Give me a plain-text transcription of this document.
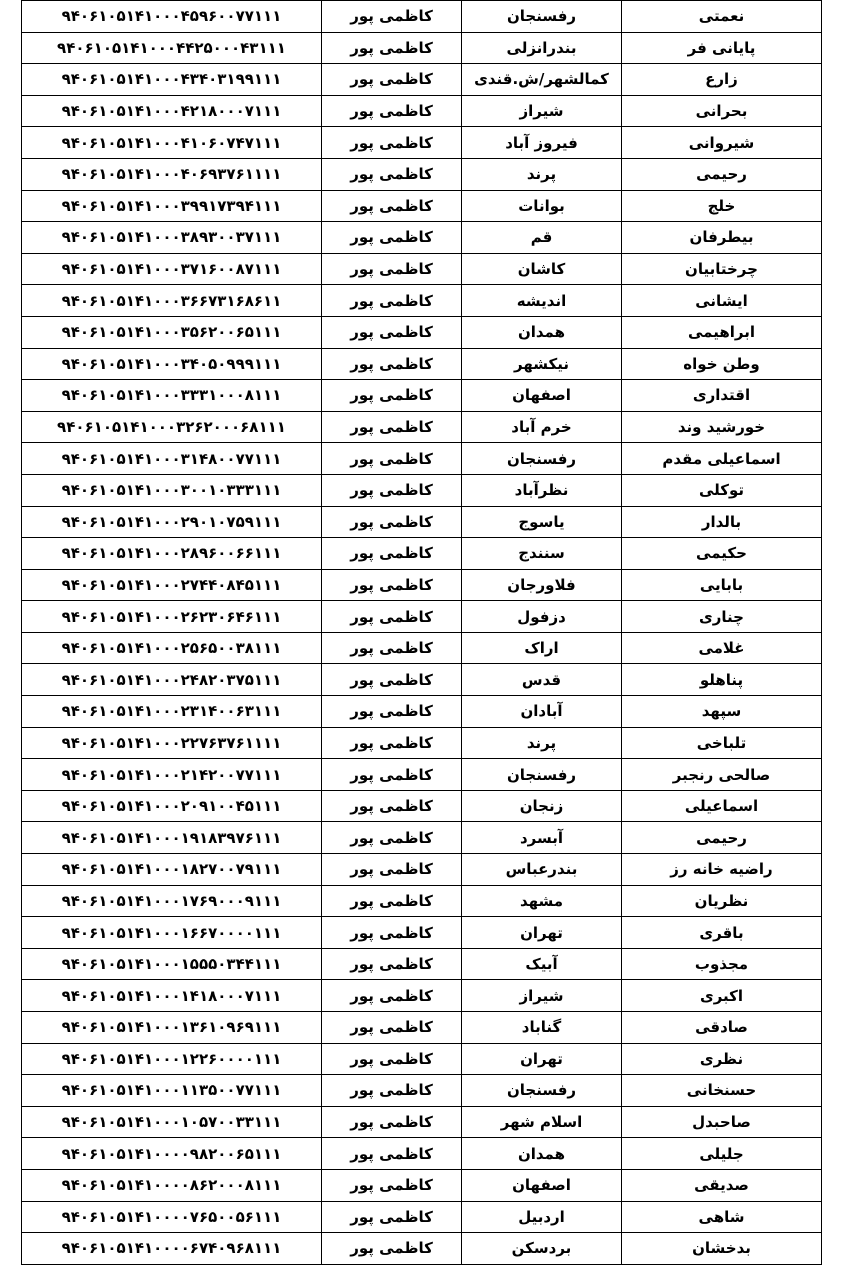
نعمتی	رفسنجان	کاظمی پور	۹۴۰۶۱۰۵۱۴۱۰۰۰۴۵۹۶۰۰۷۷۱۱۱
پایانی فر	بندرانزلی	کاظمی پور	۹۴۰۶۱۰۵۱۴۱۰۰۰۴۴۲۵۰۰۰۴۳۱۱۱
زارع	کمالشهر/ش.قندی	کاظمی پور	۹۴۰۶۱۰۵۱۴۱۰۰۰۴۳۴۰۳۱۹۹۱۱۱
بحرانی	شیراز	کاظمی پور	۹۴۰۶۱۰۵۱۴۱۰۰۰۴۲۱۸۰۰۰۷۱۱۱
شیروانی	فیروز آباد	کاظمی پور	۹۴۰۶۱۰۵۱۴۱۰۰۰۴۱۰۶۰۷۴۷۱۱۱
رحیمی	پرند	کاظمی پور	۹۴۰۶۱۰۵۱۴۱۰۰۰۴۰۶۹۳۷۶۱۱۱۱
خلج	بوانات	کاظمی پور	۹۴۰۶۱۰۵۱۴۱۰۰۰۳۹۹۱۷۳۹۴۱۱۱
بیطرفان	قم	کاظمی پور	۹۴۰۶۱۰۵۱۴۱۰۰۰۳۸۹۳۰۰۳۷۱۱۱
چرختابیان	کاشان	کاظمی پور	۹۴۰۶۱۰۵۱۴۱۰۰۰۳۷۱۶۰۰۸۷۱۱۱
ایشانی	اندیشه	کاظمی پور	۹۴۰۶۱۰۵۱۴۱۰۰۰۳۶۶۷۳۱۶۸۶۱۱
ابراهیمی	همدان	کاظمی پور	۹۴۰۶۱۰۵۱۴۱۰۰۰۳۵۶۲۰۰۶۵۱۱۱
وطن خواه	نیکشهر	کاظمی پور	۹۴۰۶۱۰۵۱۴۱۰۰۰۳۴۰۵۰۹۹۹۱۱۱
اقتداری	اصفهان	کاظمی پور	۹۴۰۶۱۰۵۱۴۱۰۰۰۳۳۳۱۰۰۰۸۱۱۱
خورشید وند	خرم آباد	کاظمی پور	۹۴۰۶۱۰۵۱۴۱۰۰۰۳۲۶۲۰۰۰۶۸۱۱۱
اسماعیلی مقدم	رفسنجان	کاظمی پور	۹۴۰۶۱۰۵۱۴۱۰۰۰۳۱۴۸۰۰۷۷۱۱۱
توکلی	نظرآباد	کاظمی پور	۹۴۰۶۱۰۵۱۴۱۰۰۰۳۰۰۱۰۳۳۳۱۱۱
بالدار	یاسوج	کاظمی پور	۹۴۰۶۱۰۵۱۴۱۰۰۰۲۹۰۱۰۷۵۹۱۱۱
حکیمی	سنندج	کاظمی پور	۹۴۰۶۱۰۵۱۴۱۰۰۰۲۸۹۶۰۰۶۶۱۱۱
بابایی	فلاورجان	کاظمی پور	۹۴۰۶۱۰۵۱۴۱۰۰۰۲۷۴۴۰۸۴۵۱۱۱
چناری	دزفول	کاظمی پور	۹۴۰۶۱۰۵۱۴۱۰۰۰۲۶۲۳۰۶۴۶۱۱۱
غلامی	اراک	کاظمی پور	۹۴۰۶۱۰۵۱۴۱۰۰۰۲۵۶۵۰۰۳۸۱۱۱
پناهلو	قدس	کاظمی پور	۹۴۰۶۱۰۵۱۴۱۰۰۰۲۴۸۲۰۳۷۵۱۱۱
سپهد	آبادان	کاظمی پور	۹۴۰۶۱۰۵۱۴۱۰۰۰۲۳۱۴۰۰۶۳۱۱۱
تلباخی	پرند	کاظمی پور	۹۴۰۶۱۰۵۱۴۱۰۰۰۲۲۷۶۳۷۶۱۱۱۱
صالحی رنجبر	رفسنجان	کاظمی پور	۹۴۰۶۱۰۵۱۴۱۰۰۰۲۱۴۲۰۰۷۷۱۱۱
اسماعیلی	زنجان	کاظمی پور	۹۴۰۶۱۰۵۱۴۱۰۰۰۲۰۹۱۰۰۴۵۱۱۱
رحیمی	آبسرد	کاظمی پور	۹۴۰۶۱۰۵۱۴۱۰۰۰۱۹۱۸۳۹۷۶۱۱۱
راضیه خانه رز	بندرعباس	کاظمی پور	۹۴۰۶۱۰۵۱۴۱۰۰۰۱۸۲۷۰۰۷۹۱۱۱
نظریان	مشهد	کاظمی پور	۹۴۰۶۱۰۵۱۴۱۰۰۰۱۷۶۹۰۰۰۹۱۱۱
باقری	تهران	کاظمی پور	۹۴۰۶۱۰۵۱۴۱۰۰۰۱۶۶۷۰۰۰۰۱۱۱
مجذوب	آبیک	کاظمی پور	۹۴۰۶۱۰۵۱۴۱۰۰۰۱۵۵۵۰۳۴۴۱۱۱
اکبری	شیراز	کاظمی پور	۹۴۰۶۱۰۵۱۴۱۰۰۰۱۴۱۸۰۰۰۷۱۱۱
صادقی	گناباد	کاظمی پور	۹۴۰۶۱۰۵۱۴۱۰۰۰۱۳۶۱۰۹۶۹۱۱۱
نظری	تهران	کاظمی پور	۹۴۰۶۱۰۵۱۴۱۰۰۰۱۲۲۶۰۰۰۰۱۱۱
حسنخانی	رفسنجان	کاظمی پور	۹۴۰۶۱۰۵۱۴۱۰۰۰۱۱۳۵۰۰۷۷۱۱۱
صاحبدل	اسلام شهر	کاظمی پور	۹۴۰۶۱۰۵۱۴۱۰۰۰۱۰۵۷۰۰۳۳۱۱۱
جلیلی	همدان	کاظمی پور	۹۴۰۶۱۰۵۱۴۱۰۰۰۰۹۸۲۰۰۶۵۱۱۱
صدیقی	اصفهان	کاظمی پور	۹۴۰۶۱۰۵۱۴۱۰۰۰۰۸۶۲۰۰۰۸۱۱۱
شاهی	اردبیل	کاظمی پور	۹۴۰۶۱۰۵۱۴۱۰۰۰۰۷۶۵۰۰۵۶۱۱۱
بدخشان	بردسکن	کاظمی پور	۹۴۰۶۱۰۵۱۴۱۰۰۰۰۶۷۴۰۹۶۸۱۱۱
